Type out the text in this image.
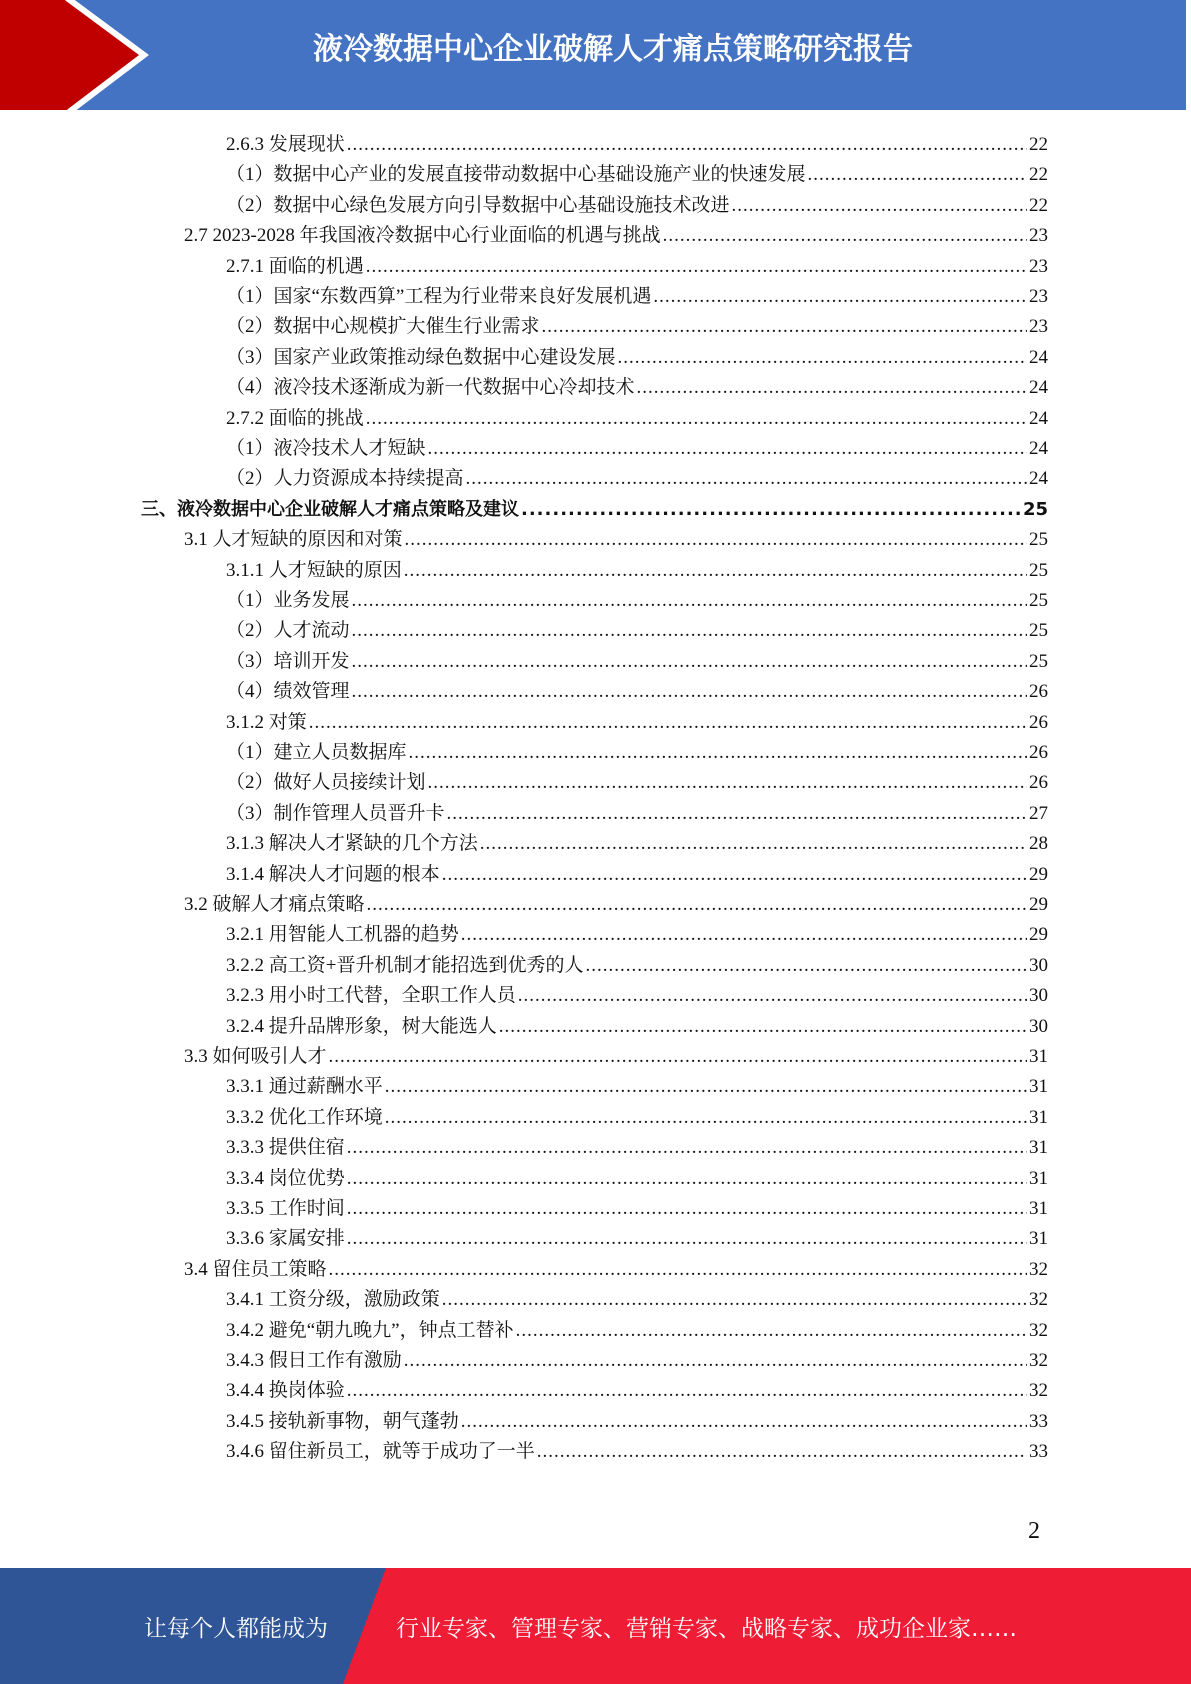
液冷数据中心企业破解人才痛点策略研究报告
2.6.3 发展现状 .....	22
（1）数据中心产业的发展直接带动数据中心基础设施产业的快速发展 .....	22
（2）数据中心绿色发展方向引导数据中心基础设施技术改进 .....	22
2.7 2023-2028 年我国液冷数据中心行业面临的机遇与挑战 .....	23
2.7.1 面临的机遇 .....	23
（1）国家“东数西算”工程为行业带来良好发展机遇 .....	23
（2）数据中心规模扩大催生行业需求 .....	23
（3）国家产业政策推动绿色数据中心建设发展 .....	24
（4）液冷技术逐渐成为新一代数据中心冷却技术 .....	24
2.7.2 面临的挑战 .....	24
（1）液冷技术人才短缺 .....	24
（2）人力资源成本持续提高 .....	24
三、液冷数据中心企业破解人才痛点策略及建议 .....	25
3.1 人才短缺的原因和对策 .....	25
3.1.1 人才短缺的原因 .....	25
（1）业务发展 .....	25
（2）人才流动 .....	25
（3）培训开发 .....	25
（4）绩效管理 .....	26
3.1.2 对策 .....	26
（1）建立人员数据库 .....	26
（2）做好人员接续计划 .....	26
（3）制作管理人员晋升卡 .....	27
3.1.3 解决人才紧缺的几个方法 .....	28
3.1.4 解决人才问题的根本 .....	29
3.2 破解人才痛点策略 .....	29
3.2.1 用智能人工机器的趋势 .....	29
3.2.2 高工资+晋升机制才能招选到优秀的人 .....	30
3.2.3 用小时工代替，全职工作人员 .....	30
3.2.4 提升品牌形象，树大能选人 .....	30
3.3 如何吸引人才 .....	31
3.3.1 通过薪酬水平 .....	31
3.3.2 优化工作环境 .....	31
3.3.3 提供住宿 .....	31
3.3.4 岗位优势 .....	31
3.3.5 工作时间 .....	31
3.3.6 家属安排 .....	31
3.4 留住员工策略 .....	32
3.4.1 工资分级，激励政策 .....	32
3.4.2 避免“朝九晚九”，钟点工替补 .....	32
3.4.3 假日工作有激励 .....	32
3.4.4 换岗体验 .....	32
3.4.5 接轨新事物，朝气蓬勃 .....	33
3.4.6 留住新员工，就等于成功了一半 .....	33
2
让每个人都能成为	行业专家、管理专家、营销专家、战略专家、成功企业家……
